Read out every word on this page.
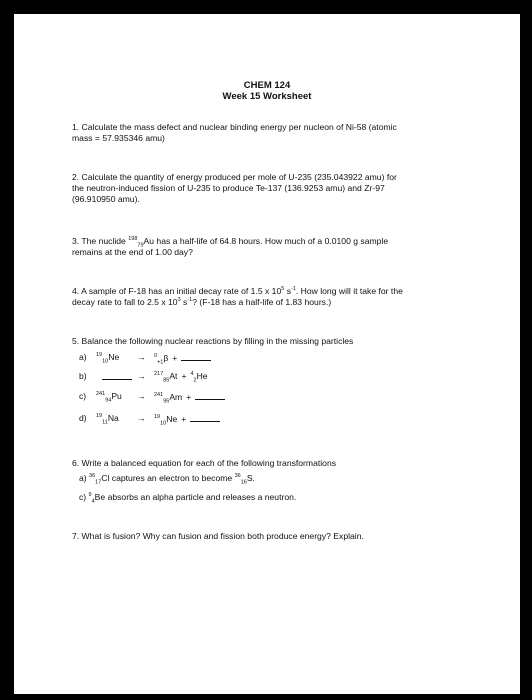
CHEM 124
Week 15 Worksheet
1. Calculate the mass defect and nuclear binding energy per nucleon of Ni-58 (atomic
mass = 57.935346 amu)
2. Calculate the quantity of energy produced per mole of U-235 (235.043922 amu) for
the neutron-induced fission of U-235 to produce Te-137 (136.9253 amu) and Zr-97
(96.910950 amu).
3. The nuclide $^{198}_{79}$Au has a half-life of 64.8 hours. How much of a 0.0100 g sample
remains at the end of 1.00 day?
4. A sample of F-18 has an initial decay rate of 1.5 x $10^5$ $s^{-1}$. How long will it take for the
decay rate to fall to 2.5 x $10^3$ $s^{-1}$? (F-18 has a half-life of 1.83 hours.)
5. Balance the following nuclear reactions by filling in the missing particles
a) $^{19}_{10}$Ne → $^0_{+1}$β +
b)	→ $^{217}_{85}$At + $^4_2$He
c) $^{241}_{94}$Pu → $^{241}_{95}$Am +
d) $^{19}_{11}$Na → $^{19}_{10}$Ne +
6. Write a balanced equation for each of the following transformations
a) $^{36}_{17}$Cl captures an electron to become $^{36}_{16}$S.
c) $^9_4$Be absorbs an alpha particle and releases a neutron.
7. What is fusion? Why can fusion and fission both produce energy? Explain.
